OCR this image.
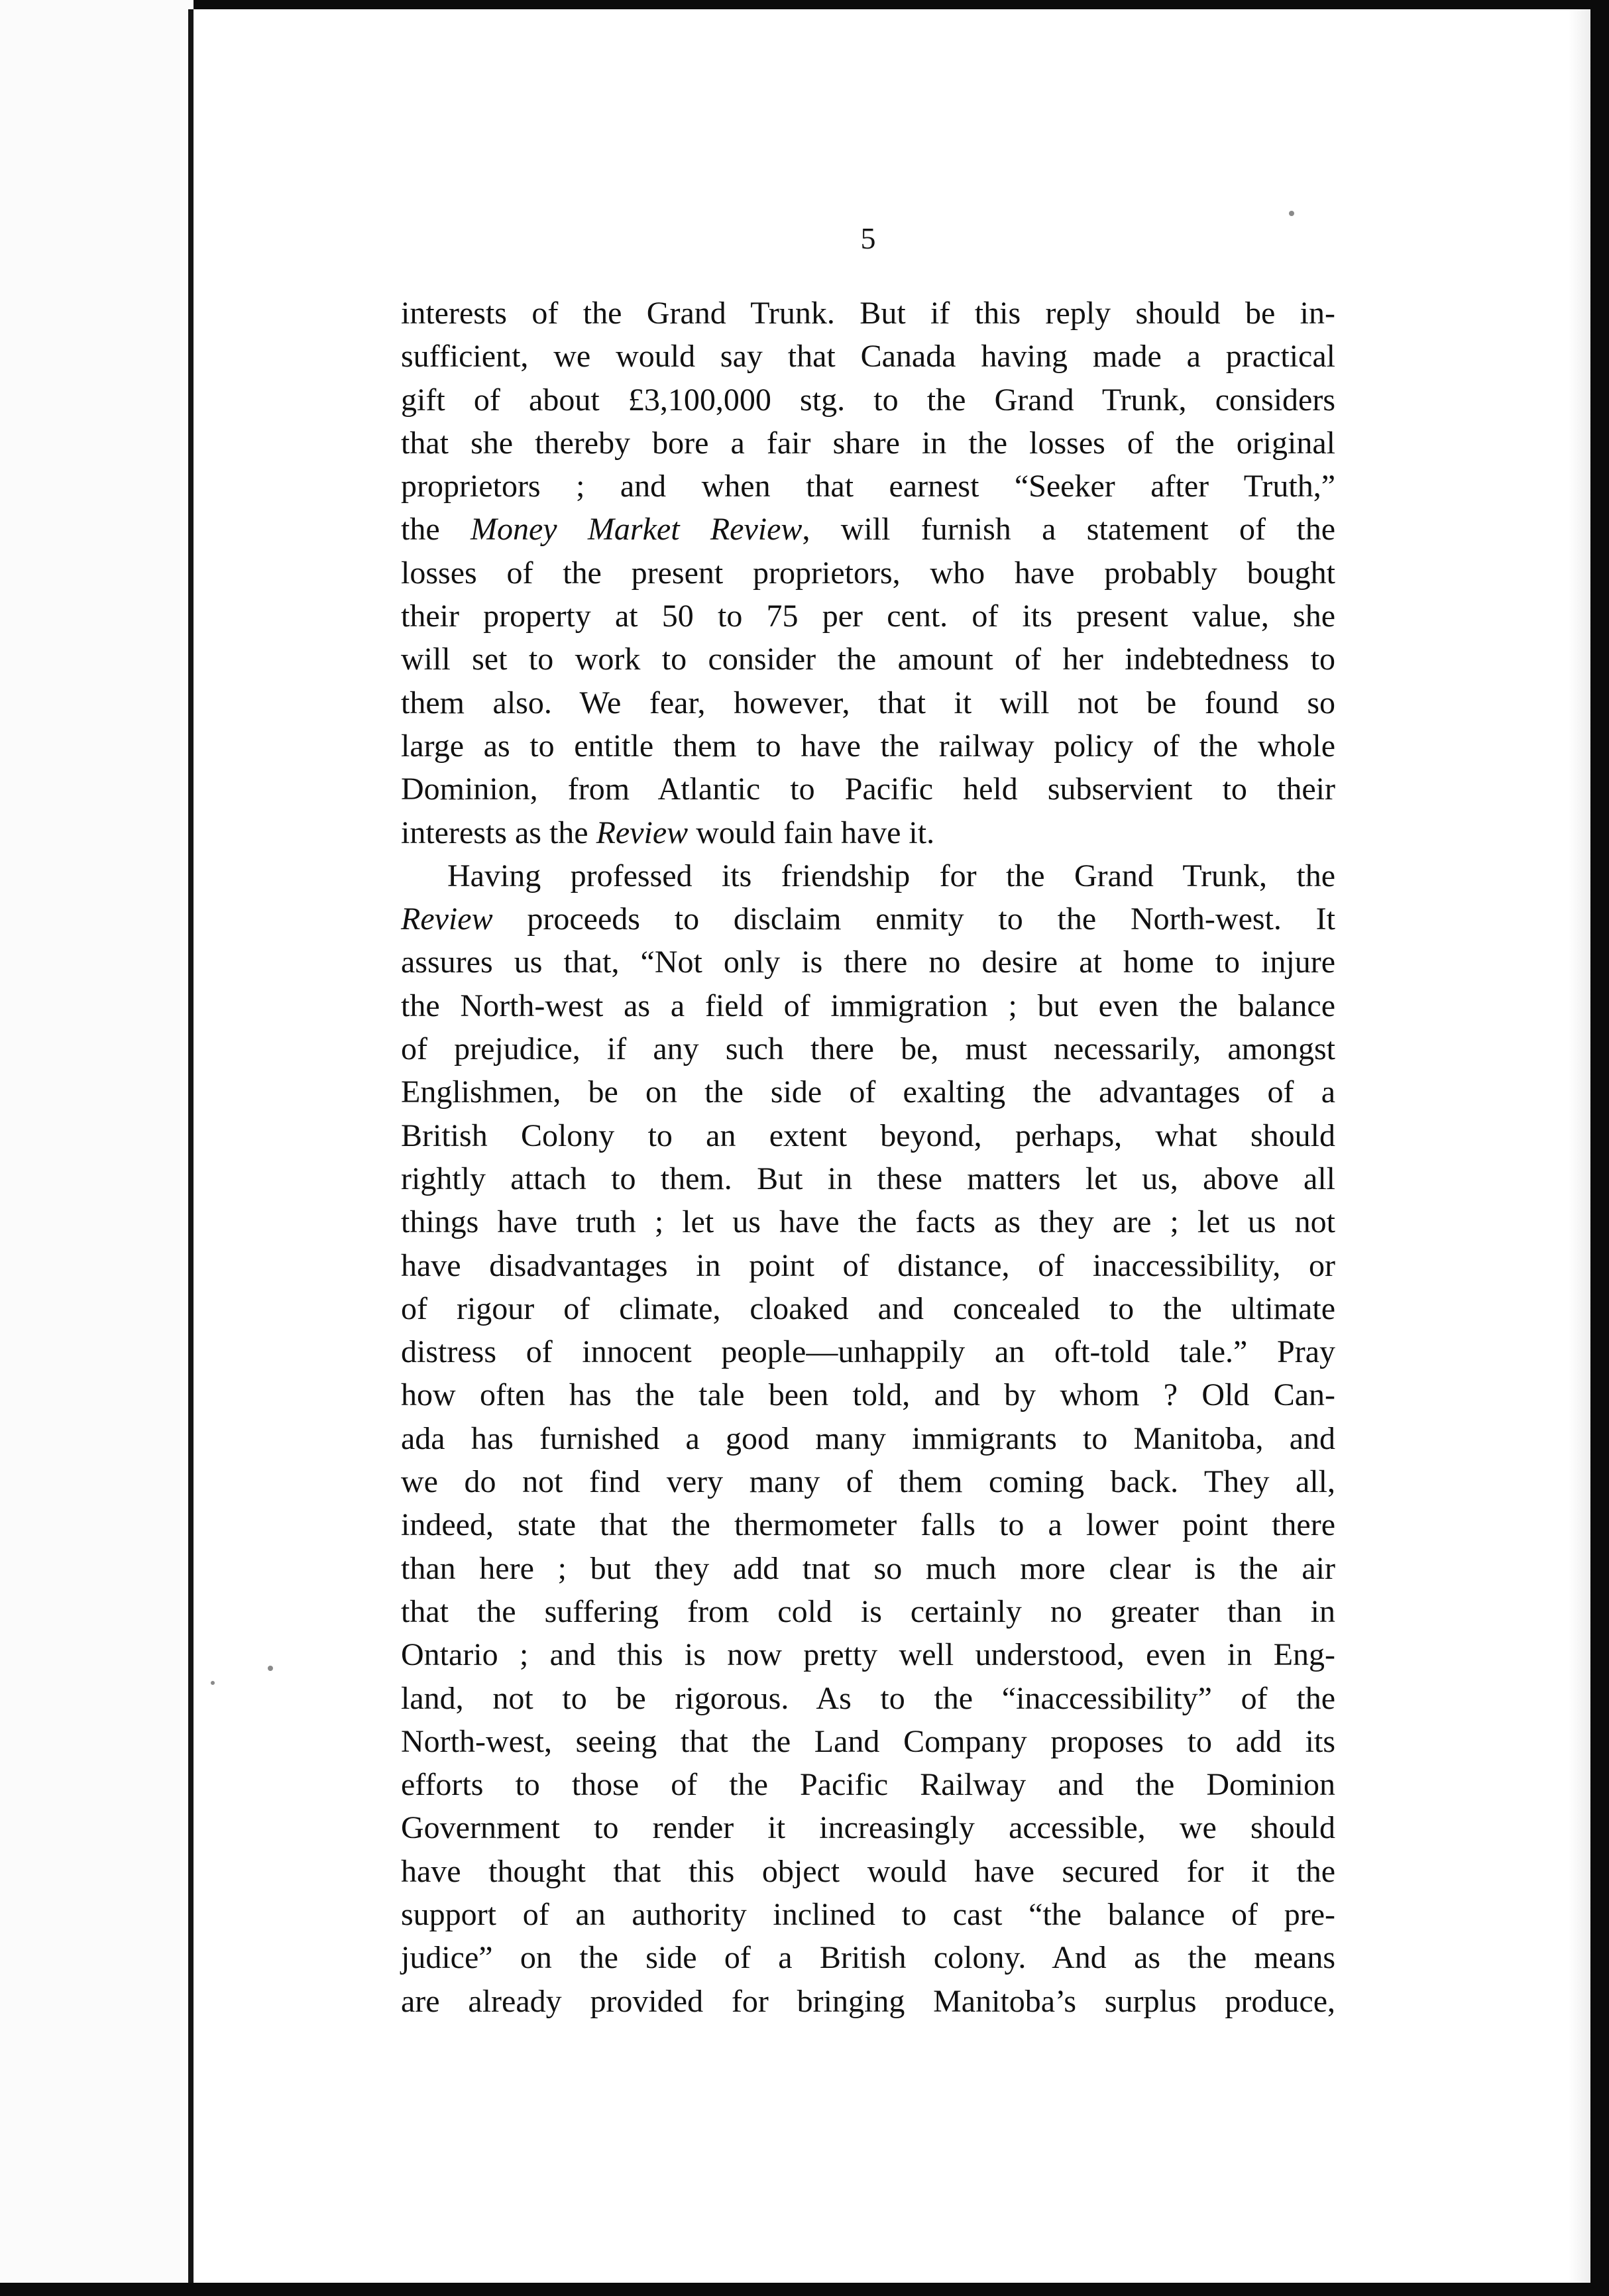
5
interests of the Grand Trunk. But if this reply should be in-
sufficient, we would say that Canada having made a practical
gift of about £3,100,000 stg. to the Grand Trunk, considers
that she thereby bore a fair share in the losses of the original
proprietors ; and when that earnest “Seeker after Truth,”
the Money Market Review, will furnish a statement of the
losses of the present proprietors, who have probably bought
their property at 50 to 75 per cent. of its present value, she
will set to work to consider the amount of her indebtedness to
them also. We fear, however, that it will not be found so
large as to entitle them to have the railway policy of the whole
Dominion, from Atlantic to Pacific held subservient to their
interests as the Review would fain have it.
Having professed its friendship for the Grand Trunk, the
Review proceeds to disclaim enmity to the North-west. It
assures us that, “Not only is there no desire at home to injure
the North-west as a field of immigration ; but even the balance
of prejudice, if any such there be, must necessarily, amongst
Englishmen, be on the side of exalting the advantages of a
British Colony to an extent beyond, perhaps, what should
rightly attach to them. But in these matters let us, above all
things have truth ; let us have the facts as they are ; let us not
have disadvantages in point of distance, of inaccessibility, or
of rigour of climate, cloaked and concealed to the ultimate
distress of innocent people—unhappily an oft-told tale.” Pray
how often has the tale been told, and by whom ? Old Can-
ada has furnished a good many immigrants to Manitoba, and
we do not find very many of them coming back. They all,
indeed, state that the thermometer falls to a lower point there
than here ; but they add tnat so much more clear is the air
that the suffering from cold is certainly no greater than in
Ontario ; and this is now pretty well understood, even in Eng-
land, not to be rigorous. As to the “inaccessibility” of the
North-west, seeing that the Land Company proposes to add its
efforts to those of the Pacific Railway and the Dominion
Government to render it increasingly accessible, we should
have thought that this object would have secured for it the
support of an authority inclined to cast “the balance of pre-
judice” on the side of a British colony. And as the means
are already provided for bringing Manitoba’s surplus produce,
